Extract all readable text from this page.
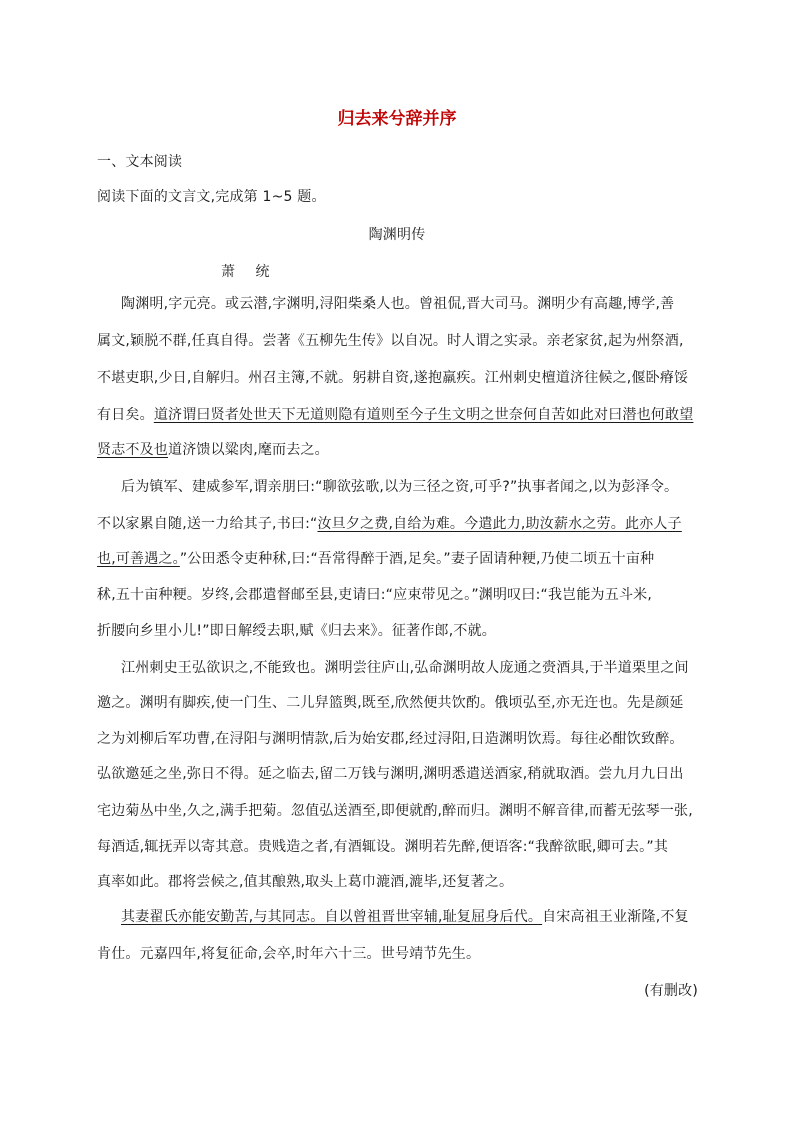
归去来兮辞并序
一、文本阅读
阅读下面的文言文,完成第 1~5 题。
陶渊明传
萧 统
陶渊明,字元亮。或云潜,字渊明,浔阳柴桑人也。曾祖侃,晋大司马。渊明少有高趣,博学,善
属文,颖脱不群,任真自得。尝著《五柳先生传》以自况。时人谓之实录。亲老家贫,起为州祭酒,
不堪吏职,少日,自解归。州召主簿,不就。躬耕自资,遂抱羸疾。江州刺史檀道济往候之,偃卧瘠馁
有日矣。道济谓曰贤者处世天下无道则隐有道则至今子生文明之世奈何自苦如此对曰潜也何敢望
贤志不及也道济馈以粱肉,麾而去之。
后为镇军、建威参军,谓亲朋曰:“聊欲弦歌,以为三径之资,可乎?”执事者闻之,以为彭泽令。
不以家累自随,送一力给其子,书曰:“汝旦夕之费,自给为难。今遣此力,助汝薪水之劳。此亦人子
也,可善遇之。”公田悉令吏种秫,曰:“吾常得醉于酒,足矣。”妻子固请种粳,乃使二顷五十亩种
秫,五十亩种粳。岁终,会郡遣督邮至县,吏请曰:“应束带见之。”渊明叹曰:“我岂能为五斗米,
折腰向乡里小儿!”即日解绶去职,赋《归去来》。征著作郎,不就。
江州刺史王弘欲识之,不能致也。渊明尝往庐山,弘命渊明故人庞通之赍酒具,于半道栗里之间
邀之。渊明有脚疾,使一门生、二儿舁篮舆,既至,欣然便共饮酌。俄顷弘至,亦无迕也。先是颜延
之为刘柳后军功曹,在浔阳与渊明情款,后为始安郡,经过浔阳,日造渊明饮焉。每往必酣饮致醉。
弘欲邀延之坐,弥日不得。延之临去,留二万钱与渊明,渊明悉遣送酒家,稍就取酒。尝九月九日出
宅边菊丛中坐,久之,满手把菊。忽值弘送酒至,即便就酌,醉而归。渊明不解音律,而蓄无弦琴一张,
每酒适,辄抚弄以寄其意。贵贱造之者,有酒辄设。渊明若先醉,便语客:“我醉欲眠,卿可去。”其
真率如此。郡将尝候之,值其酿熟,取头上葛巾漉酒,漉毕,还复著之。
其妻翟氏亦能安勤苦,与其同志。自以曾祖晋世宰辅,耻复屈身后代。自宋高祖王业渐隆,不复
肯仕。元嘉四年,将复征命,会卒,时年六十三。世号靖节先生。
(有删改)
